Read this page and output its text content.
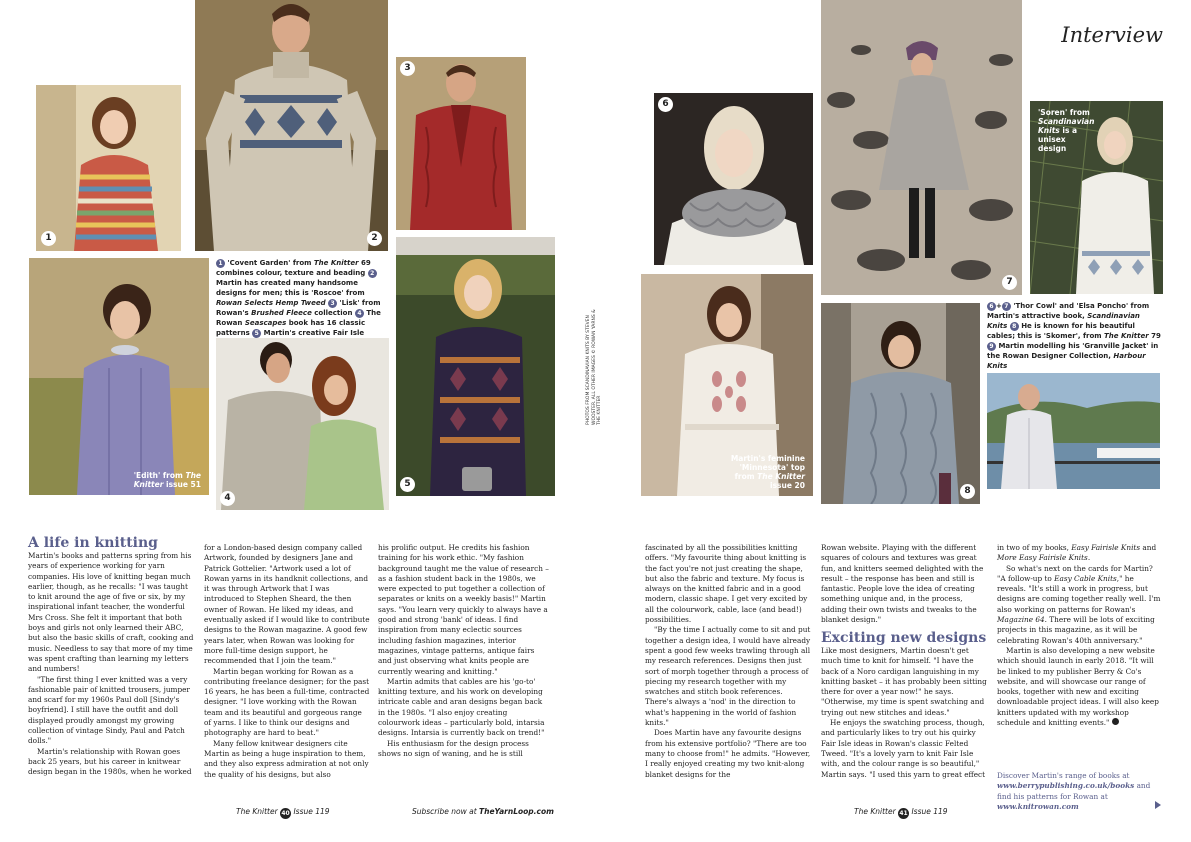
Interview
1	2
3
'Edith' from The Knitter issue 51
1 'Covent Garden' from The Knitter 69 combines colour, texture and beading 2 Martin has created many handsome designs for men; this is 'Roscoe' from Rowan Selects Hemp Tweed 3 'Lisk' from Rowan's Brushed Fleece collection 4 The Rowan Seascapes book has 16 classic patterns 5 Martin's creative Fair Isle
4
5
6
7
'Soren' from Scandinavian Knits is a unisex design
PHOTOS FROM SCANDINAVIAN KNITS BY STEVEN WOOSTER. ALL OTHER IMAGES © ROWAN YARNS & THE KNITTER
Martin's feminine 'Minnesota' top from The Knitter issue 20
8
6 + 7 'Thor Cowl' and 'Elsa Poncho' from Martin's attractive book, Scandinavian Knits 8 He is known for his beautiful cables; this is 'Skomer', from The Knitter 79 9 Martin modelling his 'Granville Jacket' in the Rowan Designer Collection, Harbour Knits
A life in knitting

Martin's books and patterns spring from his years of experience working for yarn companies. His love of knitting began much earlier, though, as he recalls: "I was taught to knit around the age of five or six, by my inspirational infant teacher, the wonderful Mrs Cross. She felt it important that both boys and girls not only learned their ABC, but also the basic skills of craft, cooking and music. Needless to say that more of my time was spent crafting than learning my letters and numbers!

"The first thing I ever knitted was a very fashionable pair of knitted trousers, jumper and scarf for my 1960s Paul doll [Sindy's boyfriend]. I still have the outfit and doll displayed proudly amongst my growing collection of vintage Sindy, Paul and Patch dolls."

Martin's relationship with Rowan goes back 25 years, but his career in knitwear design began in the 1980s, when he worked

for a London-based design company called Artwork, founded by designers Jane and Patrick Gottelier. "Artwork used a lot of Rowan yarns in its handknit collections, and it was through Artwork that I was introduced to Stephen Sheard, the then owner of Rowan. He liked my ideas, and eventually asked if I would like to contribute designs to the Rowan magazine. A good few years later, when Rowan was looking for more full-time design support, he recommended that I join the team."

Martin began working for Rowan as a contributing freelance designer; for the past 16 years, he has been a full-time, contracted designer. "I love working with the Rowan team and its beautiful and gorgeous range of yarns. I like to think our designs and photography are hard to beat."

Many fellow knitwear designers cite Martin as being a huge inspiration to them, and they also express admiration at not only the quality of his designs, but also

his prolific output. He credits his fashion training for his work ethic. "My fashion background taught me the value of research – as a fashion student back in the 1980s, we were expected to put together a collection of separates or knits on a weekly basis!" Martin says. "You learn very quickly to always have a good and strong 'bank' of ideas. I find inspiration from many eclectic sources including fashion magazines, interior magazines, vintage patterns, antique fairs and just observing what knits people are currently wearing and knitting."

Martin admits that cables are his 'go-to' knitting texture, and his work on developing intricate cable and aran designs began back in the 1980s. "I also enjoy creating colourwork ideas – particularly bold, intarsia designs. Intarsia is currently back on trend!"

His enthusiasm for the design process shows no sign of waning, and he is still

fascinated by all the possibilities knitting offers. "My favourite thing about knitting is the fact you're not just creating the shape, but also the fabric and texture. My focus is always on the knitted fabric and in a good modern, classic shape. I get very excited by all the colourwork, cable, lace (and bead!) possibilities.

"By the time I actually come to sit and put together a design idea, I would have already spent a good few weeks trawling through all my research references. Designs then just sort of morph together through a process of piecing my research together with my swatches and stitch book references. There's always a 'nod' in the direction to what's happening in the world of fashion knits."

Does Martin have any favourite designs from his extensive portfolio? "There are too many to choose from!" he admits. "However, I really enjoyed creating my two knit-along blanket designs for the

Rowan website. Playing with the different squares of colours and textures was great fun, and knitters seemed delighted with the result – the response has been and still is fantastic. People love the idea of creating something unique and, in the process, adding their own twists and tweaks to the blanket design."

Exciting new designs

Like most designers, Martin doesn't get much time to knit for himself. "I have the back of a Noro cardigan languishing in my knitting basket – it has probably been sitting there for over a year now!" he says. "Otherwise, my time is spent swatching and trying out new stitches and ideas."

He enjoys the swatching process, though, and particularly likes to try out his quirky Fair Isle ideas in Rowan's classic Felted Tweed. "It's a lovely yarn to knit Fair Isle with, and the colour range is so beautiful," Martin says. "I used this yarn to great effect

in two of my books, Easy Fairisle Knits and More Easy Fairisle Knits.

So what's next on the cards for Martin? "A follow-up to Easy Cable Knits," he reveals. "It's still a work in progress, but designs are coming together really well. I'm also working on patterns for Rowan's Magazine 64. There will be lots of exciting projects in this magazine, as it will be celebrating Rowan's 40th anniversary."

Martin is also developing a new website which should launch in early 2018. "It will be linked to my publisher Berry & Co's website, and will showcase our range of books, together with new and exciting downloadable project ideas. I will also keep knitters updated with my workshop schedule and knitting events."

Discover Martin's range of books at www.berrypublishing.co.uk/books and find his patterns for Rowan at www.knitrowan.com
The Knitter 40 Issue 119	Subscribe now at TheYarnLoop.com	The Knitter 41 Issue 119
